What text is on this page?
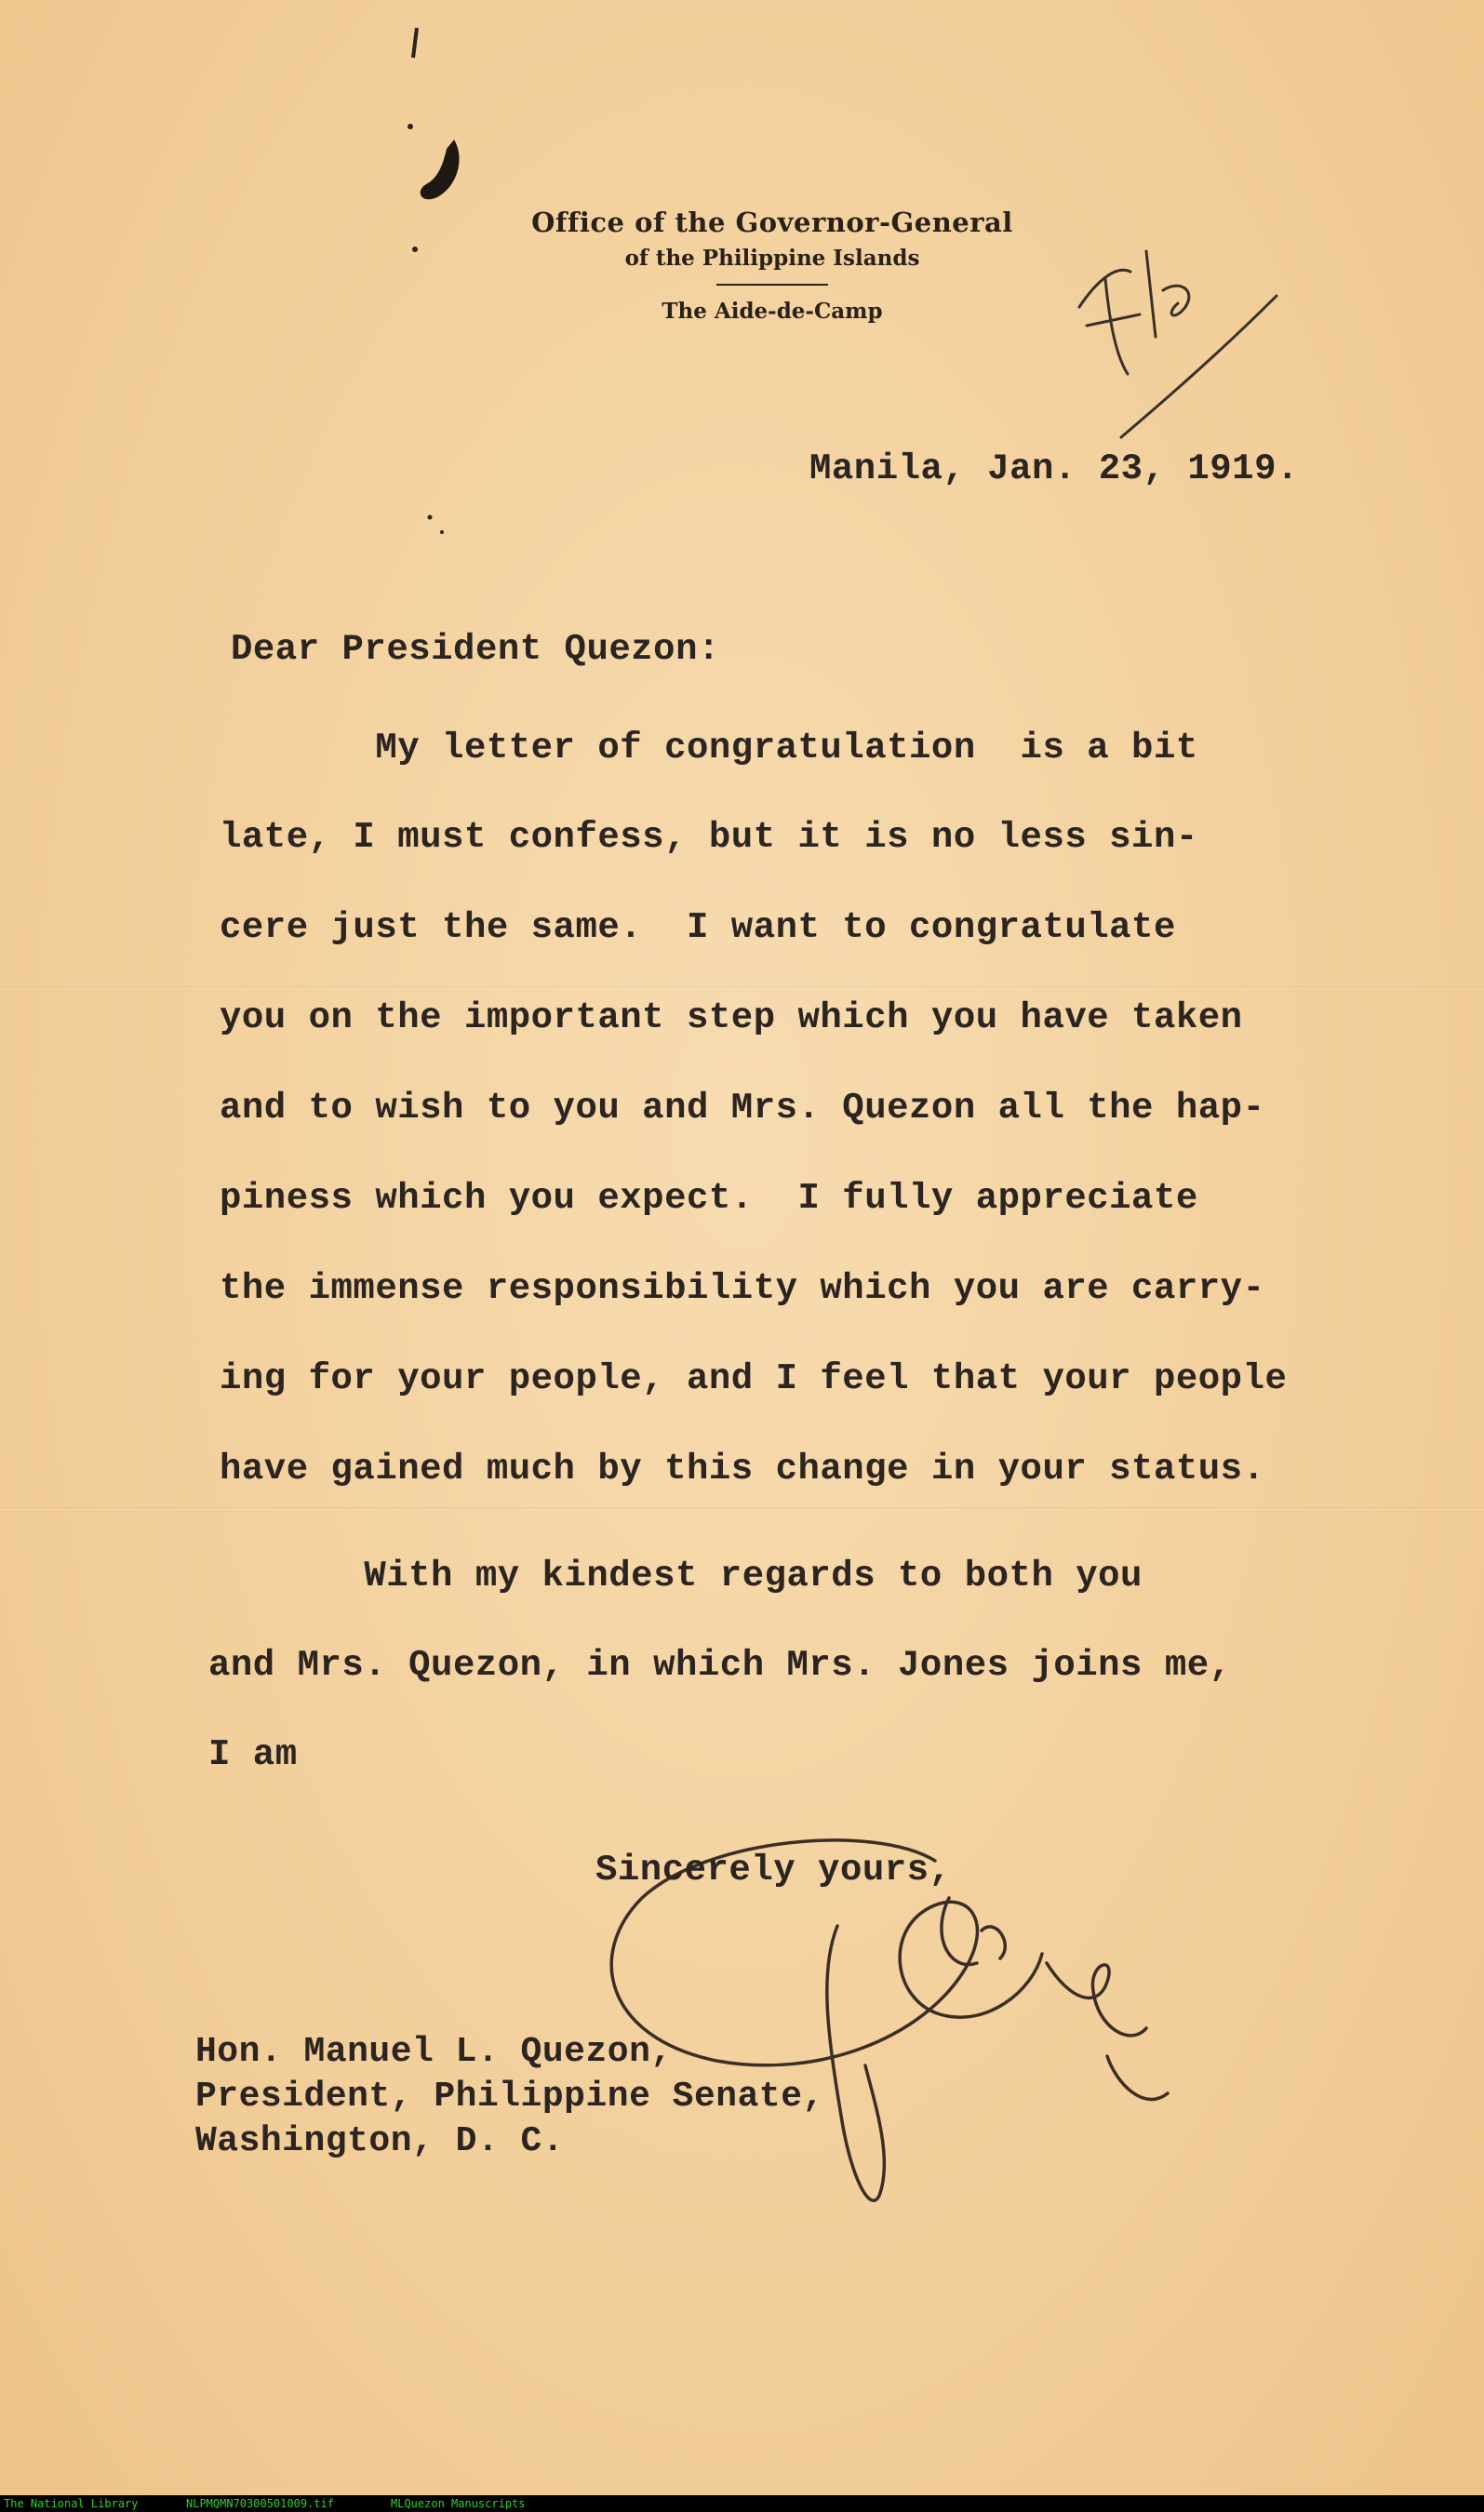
Office of the Governor-General
of the Philippine Islands
The Aide-de-Camp
Manila, Jan. 23, 1919.
Dear President Quezon:
My letter of congratulation  is a bit
late, I must confess, but it is no less sin-
cere just the same.  I want to congratulate
you on the important step which you have taken
and to wish to you and Mrs. Quezon all the hap-
piness which you expect.  I fully appreciate
the immense responsibility which you are carry-
ing for your people, and I feel that your people
have gained much by this change in your status.
With my kindest regards to both you
and Mrs. Quezon, in which Mrs. Jones joins me,
I am
Sincerely yours,
Hon. Manuel L. Quezon,
President, Philippine Senate,
Washington, D. C.
The National Library	NLPMQMN70300501009.tif	MLQuezon Manuscripts
